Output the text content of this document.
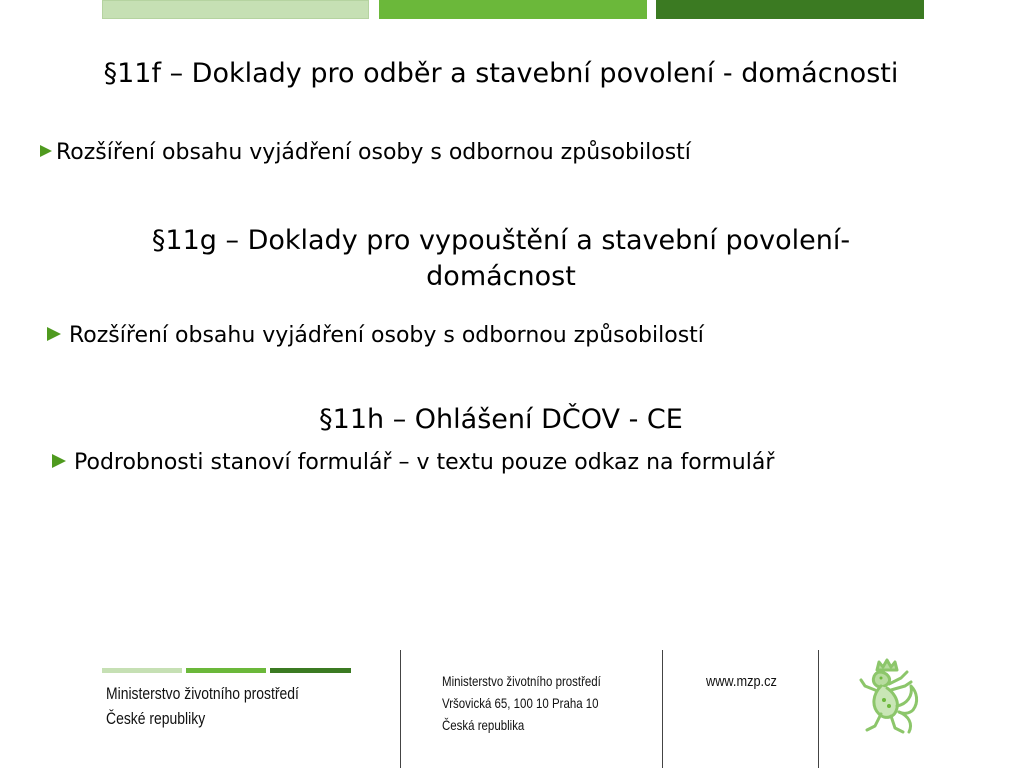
§11f – Doklady pro odběr a stavební povolení - domácnosti
Rozšíření obsahu vyjádření osoby s odbornou způsobilostí
§11g – Doklady pro vypouštění a stavební povolení- domácnost
Rozšíření obsahu vyjádření osoby s odbornou způsobilostí
§11h – Ohlášení DČOV - CE
Podrobnosti stanoví formulář – v textu pouze odkaz na formulář
Ministerstvo životního prostředí
České republiky
Ministerstvo životního prostředí
Vršovická 65, 100 10 Praha 10
Česká republika
www.mzp.cz
